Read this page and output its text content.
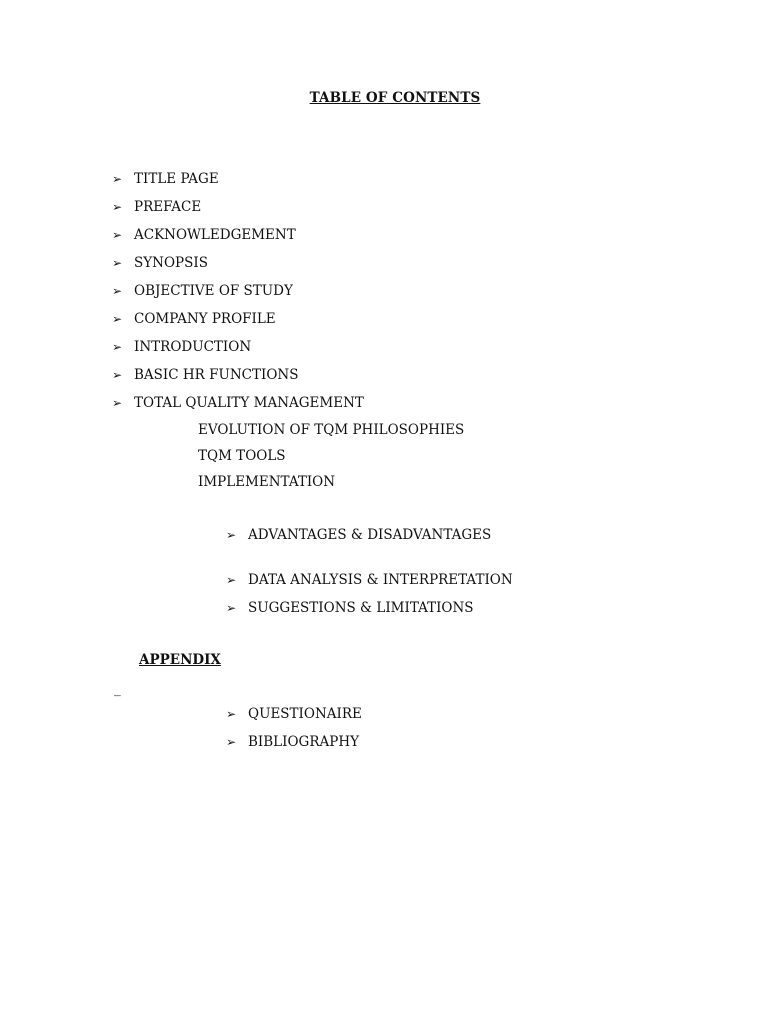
TABLE OF CONTENTS
➢ TITLE PAGE
➢ PREFACE
➢ ACKNOWLEDGEMENT
➢ SYNOPSIS
➢ OBJECTIVE OF STUDY
➢ COMPANY PROFILE
➢ INTRODUCTION
➢ BASIC HR FUNCTIONS
➢ TOTAL QUALITY MANAGEMENT
EVOLUTION OF TQM PHILOSOPHIES
TQM TOOLS
IMPLEMENTATION
➢ ADVANTAGES & DISADVANTAGES
➢ DATA ANALYSIS & INTERPRETATION
➢ SUGGESTIONS & LIMITATIONS
APPENDIX
_
➢ QUESTIONAIRE
➢ BIBLIOGRAPHY
